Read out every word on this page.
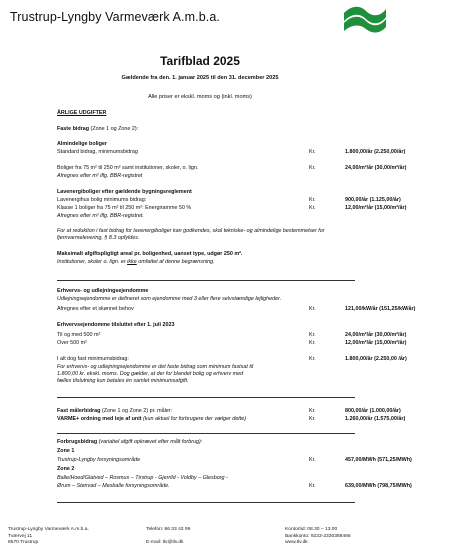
Trustrup-Lyngby Varmeværk A.m.b.a.
Tarifblad 2025
Gældende fra den. 1. januar 2025 til den 31. december 2025
Alle priser er ekskl. moms og (inkl. moms)
ÅRLIGE UDGIFTER
Faste bidrag (Zone 1 og Zone 2):
Almindelige boliger
Standard bidrag, minimumsbidrag	Kr.	1.800,00/år (2.250,00/år)
Boliger fra 75 m² til 250 m² samt institutioner, skoler, o. lign.	Kr.	24,00/m²/år (30,00/m²/år)
Afregnes efter m² iflg. BBR-registret
Lavenergiboliger efter gældende bygningsreglement
Lavenergihus bolig minimums bidrag:	Kr.	900,00/år (1.125,00/år)
Klasse 1 boliger fra 75 m² til 250 m²: Energiramme 50 %	Kr.	12,00/m²/år (15,00/m²/år)
Afregnes efter m² iflg. BBR-registret.
For at reduktion i fast bidrag for lavenergiboliger kan godkendes, skal tekniske- og almindelige bestemmelser for fjernvarmelevering, § 8.3 opfyldes.
Maksimalt afgiftspligtigt areal pr. boligenhed, uanset type, udgør 250 m².
Institutioner, skoler o. lign. er ikke omfattet af denne begrænsning.
Erhvervs- og udlejningsejendomme
Udlejningsejendomme er defineret som ejendomme med 3 eller flere selvstændige lejligheder.
Afregnes efter et skønnet behov	Kr.	121,00/kW/år (151,25/kW/år)
Erhvervsejendomme tilsluttet efter 1. juli 2023
Til og med 500 m²	Kr.	24,00/m²/år (30,00/m²/år)
Over 500 m²	Kr.	12,00/m²/år (15,00/m²/år)
I alt dog fast minimumsbidrag:	Kr.	1.800,00/år (2.250,00 /år)
For erhvervs- og udlejningsejendomme er det faste bidrag som minimum fastsat til 1.800,00 kr. ekskl. moms. Dog gælder, at der for blandet bolig og erhverv med fælles tilslutning kun betales én samlet minimumsafgift.
Fast målerbidrag (Zone 1 og Zone 2) pr. måler:	Kr.	800,00/år (1.000,00/år)
VARME+ ordning med leje af unit (kun aktuel for forbrugere der vælger dette)	Kr.	1.260,00/år (1.575,00/år)
Forbrugsbidrag (variabel afgift opkrævet efter målt forbrug):
Zone 1
Trustrup-Lyngby forsyningsområde	Kr.	457,00/MWh (571,25/MWh)
Zone 2
Balle/Hoed/Glatved – Rosmus – Tirstrup - Gjerrild - Voldby – Glesborg -
Ørum – Stenvad – Mesballe forsyningsområde.	Kr.	639,00/MWh (798,75/MWh)
Trustrup-Lyngby Varmeværk A.m.b.a.
Tværvej 11
8570 Trustrup
Telefon: 86 33 43 99

E-mail: tlv@tlv.dk
Kontortid: 08.30 – 13.00
Bankkonto: 9233-2330388466
www.tlv.dk
